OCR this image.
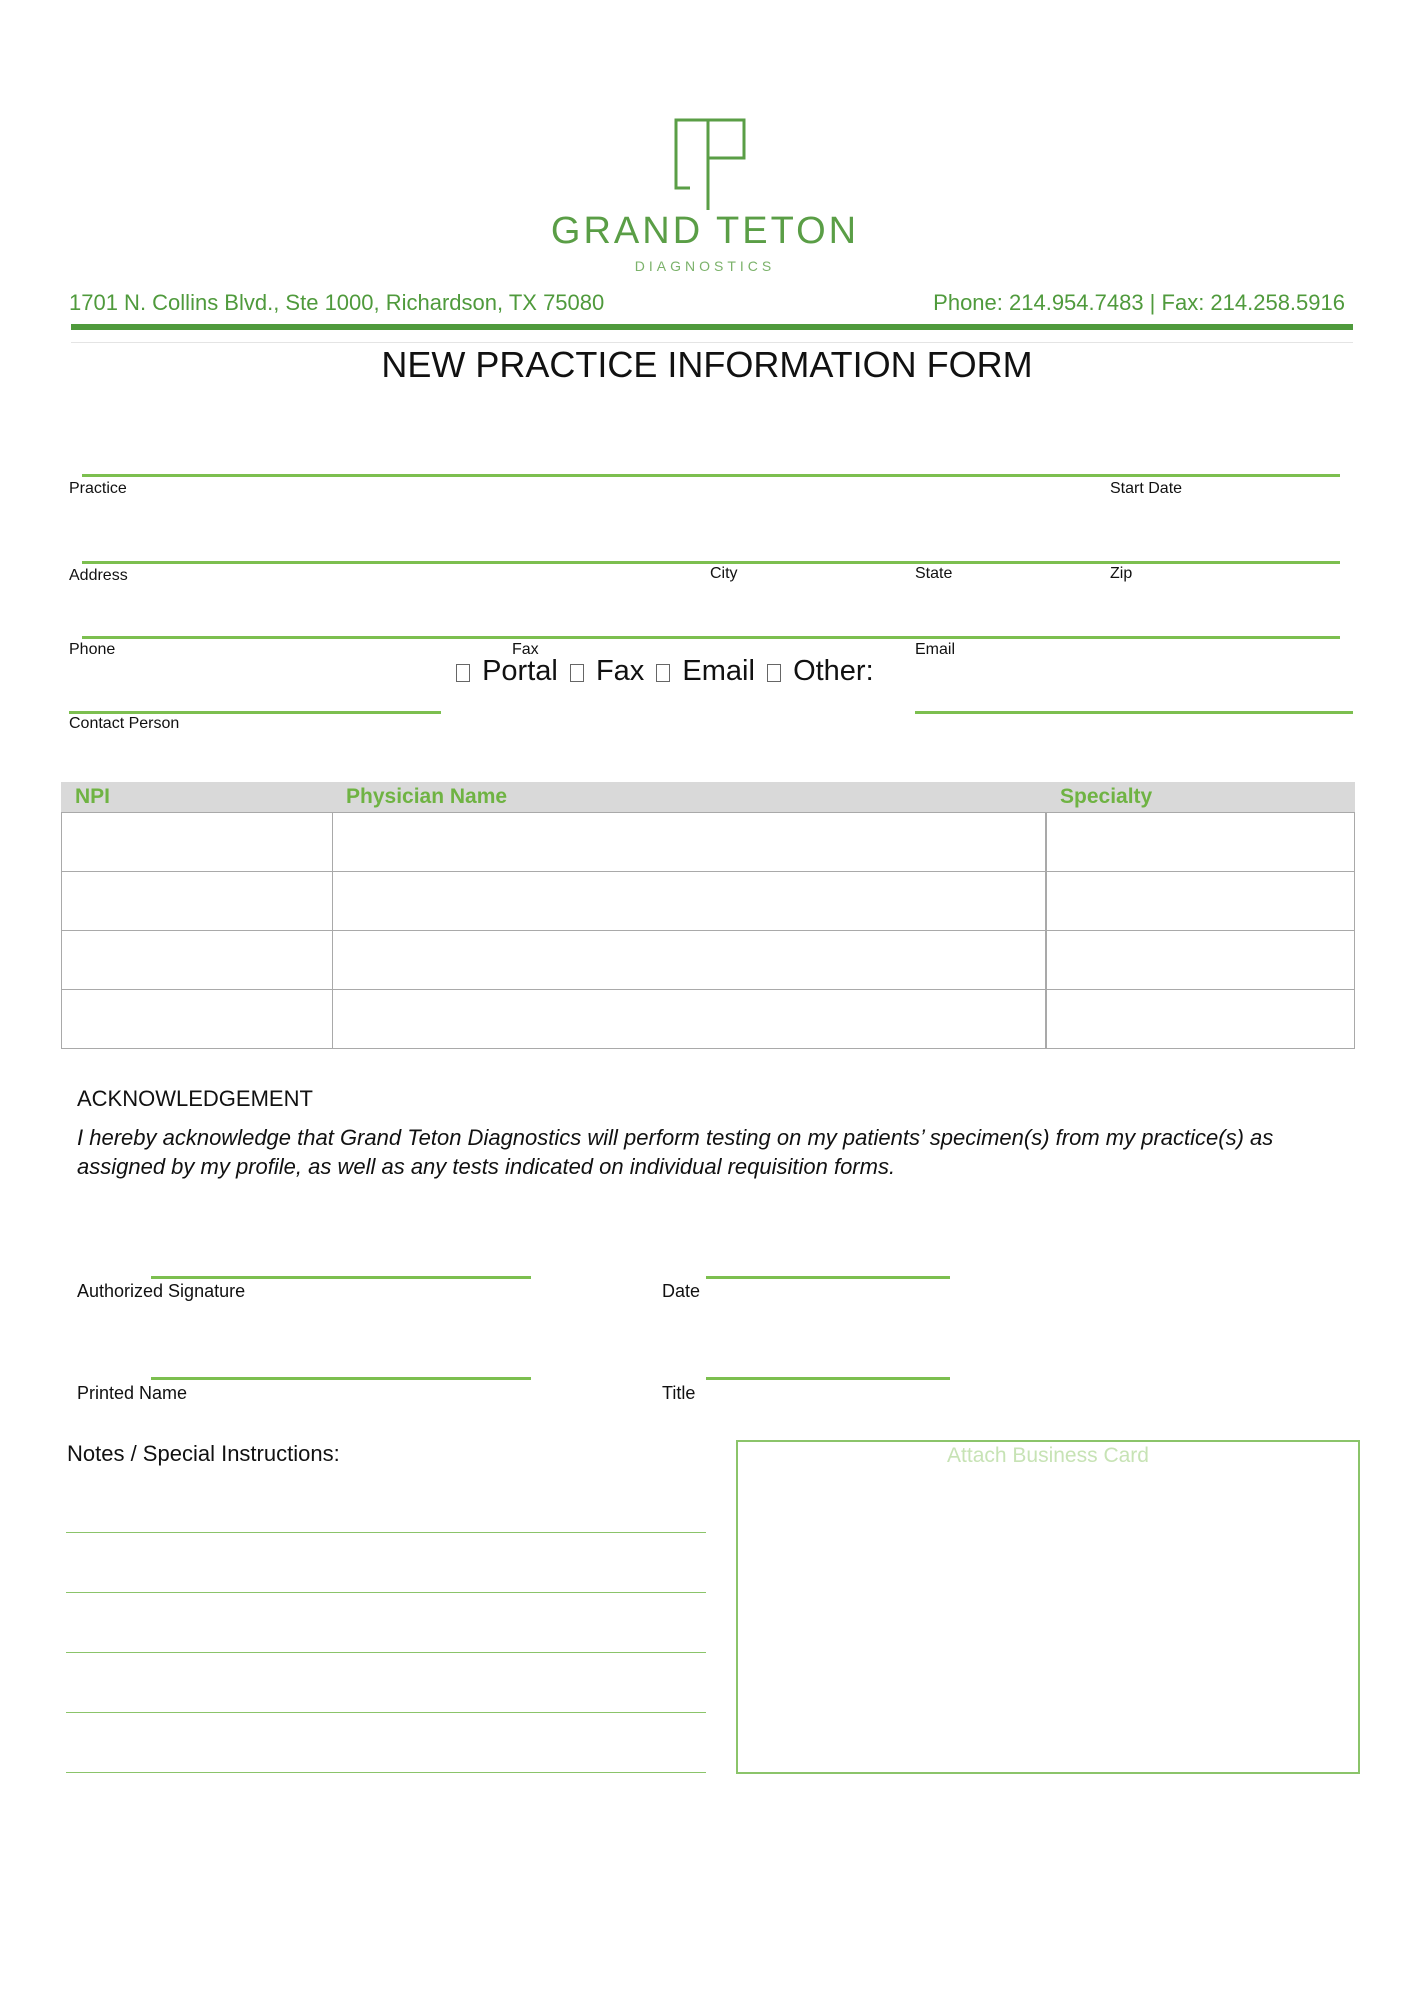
GRAND TETON
DIAGNOSTICS
1701 N. Collins Blvd., Ste 1000, Richardson, TX 75080	Phone: 214.954.7483 | Fax: 214.258.5916
NEW PRACTICE INFORMATION FORM
Practice	Start Date
Address	City	State	Zip
Phone	Fax	Email
Portal Fax Email Other:
Contact Person
NPI	Physician Name	Specialty
ACKNOWLEDGEMENT
I hereby acknowledge that Grand Teton Diagnostics will perform testing on my patients’ specimen(s) from my practice(s) as assigned by my profile, as well as any tests indicated on individual requisition forms.
Authorized Signature	Date
Printed Name	Title
Notes / Special Instructions:	Attach Business Card
